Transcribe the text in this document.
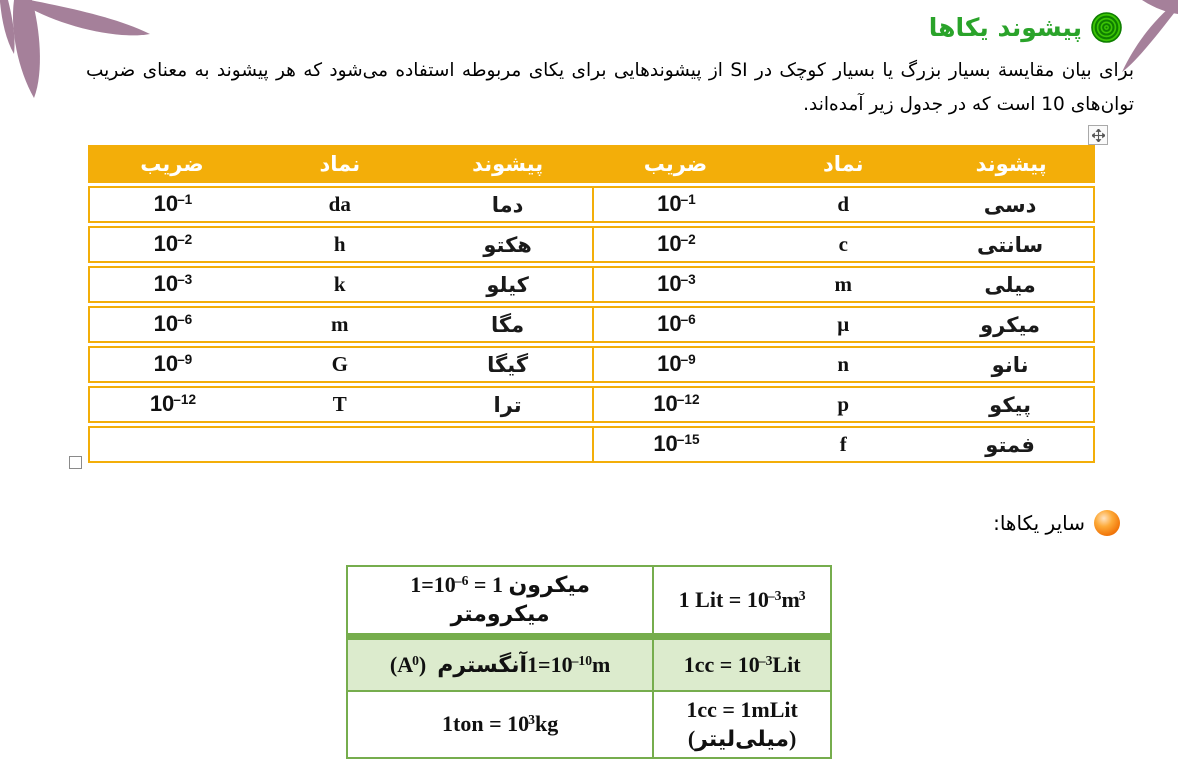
پیشوند یکاها

برای بیان مقایسة بسیار بزرگ یا بسیار کوچک در SI از پیشوندهایی برای یکای مربوطه استفاده می‌شود که هر پیشوند به معنای ضریب توان‌های 10 است که در جدول زیر آمده‌اند.

پیشوند	نماد	ضریب	پیشوند	نماد	ضریب
دسی	d	$10^{-1}$	دما	da	$10^{-1}$

سانتی	c	$10^{-2}$	هکتو	h	$10^{-2}$

میلی	m	$10^{-3}$	کیلو	k	$10^{-3}$

میکرو	μ	$10^{-6}$	مگا	m	$10^{-6}$

نانو	n	$10^{-9}$	گیگا	G	$10^{-9}$

پیکو	p	$10^{-12}$	ترا	T	$10^{-12}$

فمتو	f	$10^{-15}$

سایر یکاها:
1 Lit = $10^{-3}m^3$	$1=10^{-6}$ = میکرون 1
میکرومتر

$1cc = 10^{-3}Lit$	$(A^0)$ آنگسترم $1=10^{-10}m$

1cc = 1mLit
(میلی‌لیتر)	$1ton = 10^3kg$
